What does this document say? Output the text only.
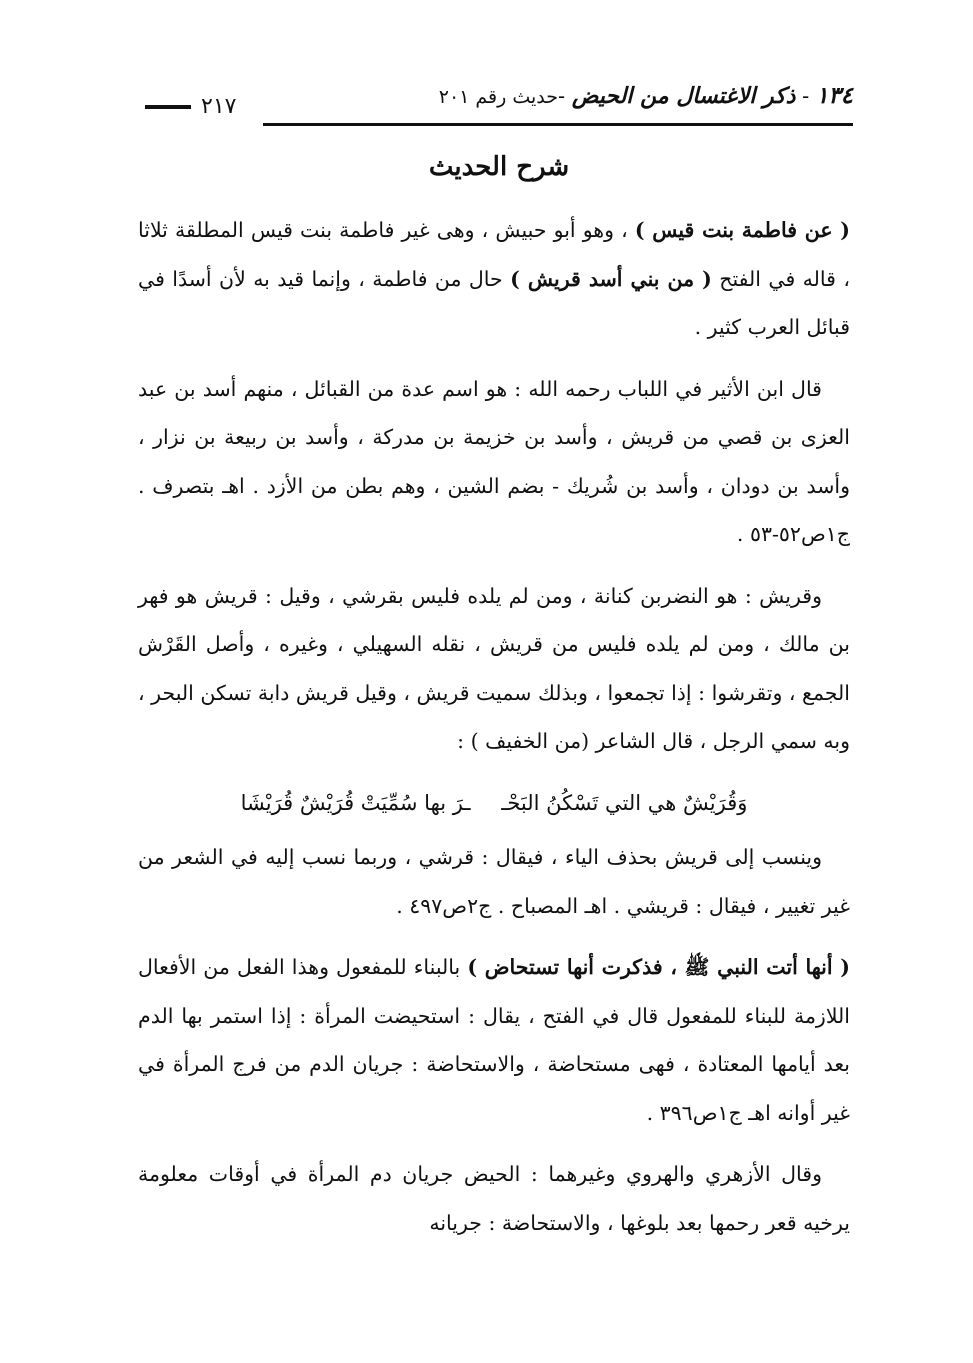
١٣٤ - ذكر الاغتسال من الحيض -حديث رقم ٢٠١
٢١٧
شرح الحديث

( عن فاطمة بنت قيس ) ، وهو أبو حبيش ، وهى غير فاطمة بنت قيس المطلقة ثلاثا ، قاله في الفتح ( من بني أسد قريش ) حال من فاطمة ، وإنما قيد به لأن أسدًا في قبائل العرب كثير .

قال ابن الأثير في اللباب رحمه الله : هو اسم عدة من القبائل ، منهم أسد بن عبد العزى بن قصي من قريش ، وأسد بن خزيمة بن مدركة ، وأسد بن ربيعة بن نزار ، وأسد بن دودان ، وأسد بن شُريك - بضم الشين ، وهم بطن من الأزد . اهـ بتصرف . ج١ص٥٢-٥٣ .

وقريش : هو النضربن كنانة ، ومن لم يلده فليس بقرشي ، وقيل : قريش هو فهر بن مالك ، ومن لم يلده فليس من قريش ، نقله السهيلي ، وغيره ، وأصل القَرْش الجمع ، وتقرشوا : إذا تجمعوا ، وبذلك سميت قريش ، وقيل قريش دابة تسكن البحر ، وبه سمي الرجل ، قال الشاعر (من الخفيف ) :

وَقُرَيْشٌ هي التي تَسْكُنُ البَحْـ ـرَ بها سُمِّيَتْ قُرَيْشٌ قُرَيْشَا

وينسب إلى قريش بحذف الياء ، فيقال : قرشي ، وربما نسب إليه في الشعر من غير تغيير ، فيقال : قريشي . اهـ المصباح . ج٢ص٤٩٧ .

( أنها أتت النبي ﷺ ، فذكرت أنها تستحاض ) بالبناء للمفعول وهذا الفعل من الأفعال اللازمة للبناء للمفعول قال في الفتح ، يقال : استحيضت المرأة : إذا استمر بها الدم بعد أيامها المعتادة ، فهى مستحاضة ، والاستحاضة : جريان الدم من فرج المرأة في غير أوانه اهـ ج١ص٣٩٦ .

وقال الأزهري والهروي وغيرهما : الحيض جريان دم المرأة في أوقات معلومة يرخيه قعر رحمها بعد بلوغها ، والاستحاضة : جريانه
